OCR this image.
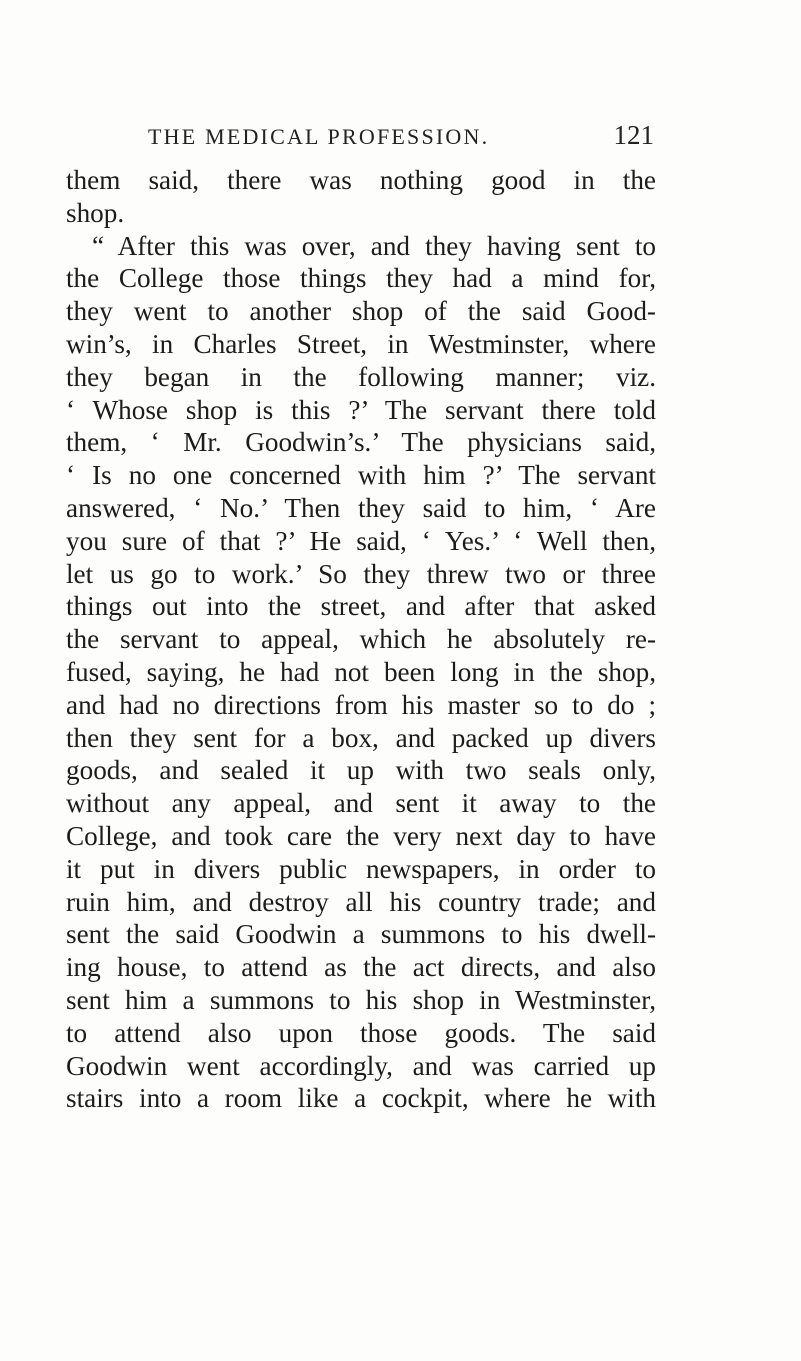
THE MEDICAL PROFESSION.	121
them said, there was nothing good in the
shop.
“ After this was over, and they having sent to
the College those things they had a mind for,
they went to another shop of the said Good-
win’s, in Charles Street, in Westminster, where
they began in the following manner; viz.
‘ Whose shop is this ?’ The servant there told
them, ‘ Mr. Goodwin’s.’ The physicians said,
‘ Is no one concerned with him ?’ The servant
answered, ‘ No.’ Then they said to him, ‘ Are
you sure of that ?’ He said, ‘ Yes.’ ‘ Well then,
let us go to work.’ So they threw two or three
things out into the street, and after that asked
the servant to appeal, which he absolutely re-
fused, saying, he had not been long in the shop,
and had no directions from his master so to do ;
then they sent for a box, and packed up divers
goods, and sealed it up with two seals only,
without any appeal, and sent it away to the
College, and took care the very next day to have
it put in divers public newspapers, in order to
ruin him, and destroy all his country trade; and
sent the said Goodwin a summons to his dwell-
ing house, to attend as the act directs, and also
sent him a summons to his shop in Westminster,
to attend also upon those goods. The said
Goodwin went accordingly, and was carried up
stairs into a room like a cockpit, where he with
